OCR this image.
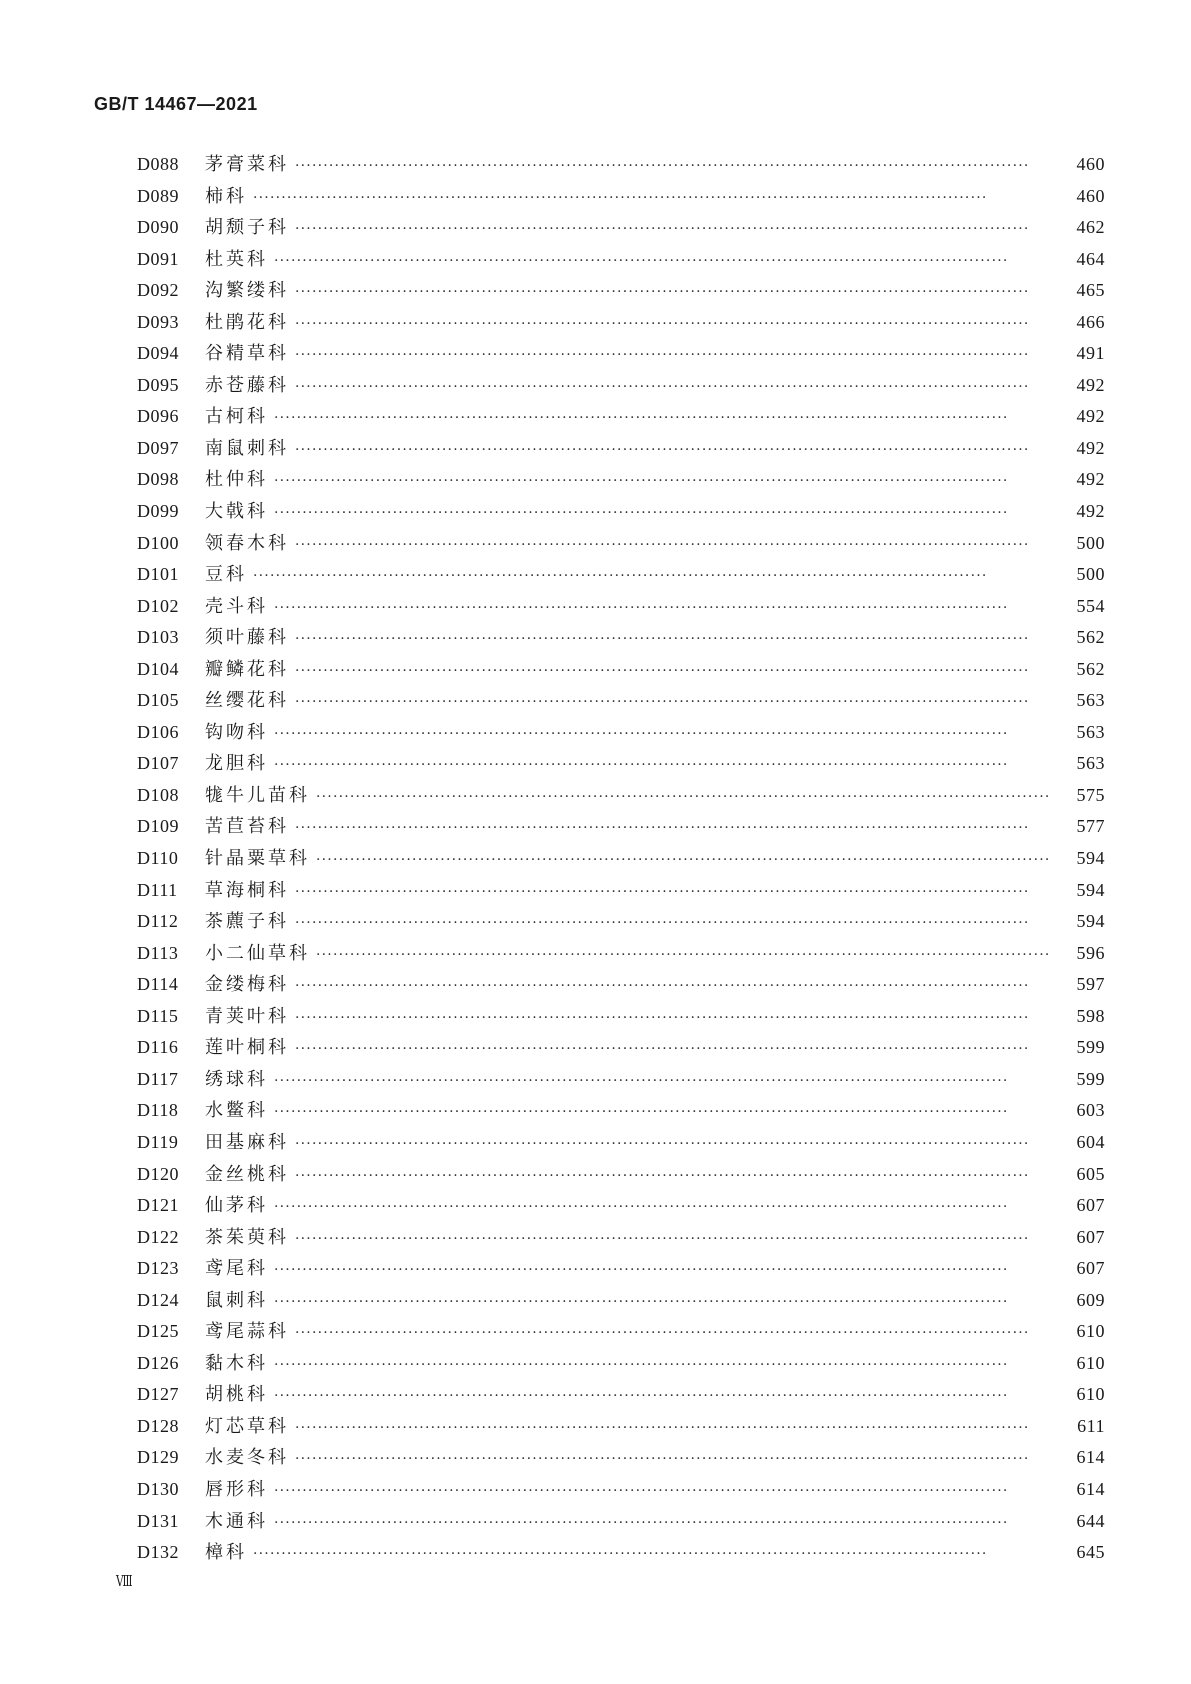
GB/T 14467—2021
D088	茅膏菜科 ·····	460
D089	柿科 ·····	460
D090	胡颓子科 ·····	462
D091	杜英科 ·····	464
D092	沟繁缕科 ·····	465
D093	杜鹃花科 ·····	466
D094	谷精草科 ·····	491
D095	赤苍藤科 ·····	492
D096	古柯科 ·····	492
D097	南鼠刺科 ·····	492
D098	杜仲科 ·····	492
D099	大戟科 ·····	492
D100	领春木科 ·····	500
D101	豆科 ·····	500
D102	壳斗科 ·····	554
D103	须叶藤科 ·····	562
D104	瓣鳞花科 ·····	562
D105	丝缨花科 ·····	563
D106	钩吻科 ·····	563
D107	龙胆科 ·····	563
D108	牻牛儿苗科 ·····	575
D109	苦苣苔科 ·····	577
D110	针晶粟草科 ·····	594
D111	草海桐科 ·····	594
D112	茶藨子科 ·····	594
D113	小二仙草科 ·····	596
D114	金缕梅科 ·····	597
D115	青荚叶科 ·····	598
D116	莲叶桐科 ·····	599
D117	绣球科 ·····	599
D118	水鳖科 ·····	603
D119	田基麻科 ·····	604
D120	金丝桃科 ·····	605
D121	仙茅科 ·····	607
D122	茶茱萸科 ·····	607
D123	鸢尾科 ·····	607
D124	鼠刺科 ·····	609
D125	鸢尾蒜科 ·····	610
D126	黏木科 ·····	610
D127	胡桃科 ·····	610
D128	灯芯草科 ·····	611
D129	水麦冬科 ·····	614
D130	唇形科 ·····	614
D131	木通科 ·····	644
D132	樟科 ·····	645
Ⅷ
